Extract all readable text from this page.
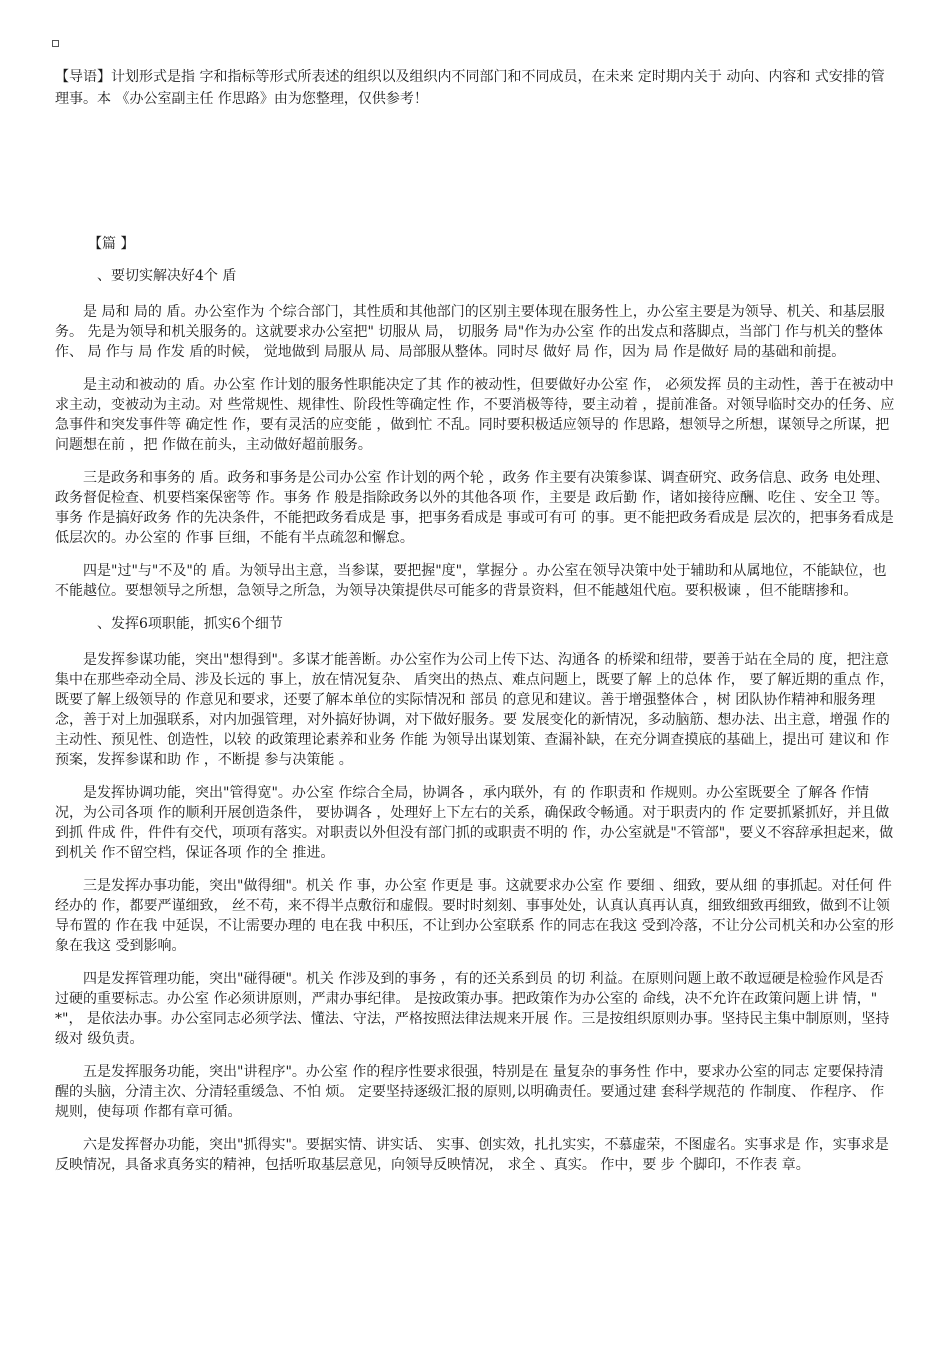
【导语】计划形式是指 字和指标等形式所表述的组织以及组织内不同部门和不同成员，在未来 定时期内关于 动向、内容和 式安排的管理事。本 《办公室副主任 作思路》由为您整理，仅供参考！
【篇 】

、要切实解决好4个 盾

是 局和 局的 盾。办公室作为 个综合部门，其性质和其他部门的区别主要体现在服务性上，办公室主要是为领导、机关、和基层服务。 先是为领导和机关服务的。这就要求办公室把" 切服从 局， 切服务 局"作为办公室 作的出发点和落脚点，当部门 作与机关的整体 作、 局 作与 局 作发 盾的时候， 觉地做到 局服从 局、局部服从整体。同时尽 做好 局 作，因为 局 作是做好 局的基础和前提。

是主动和被动的 盾。办公室 作计划的服务性职能决定了其 作的被动性，但要做好办公室 作， 必须发挥 员的主动性，善于在被动中求主动，变被动为主动。对 些常规性、规律性、阶段性等确定性 作，不要消极等待，要主动着 ，提前准备。对领导临时交办的任务、应急事件和突发事件等 确定性 作，要有灵活的应变能 ，做到忙 不乱。同时要积极适应领导的 作思路，想领导之所想，谋领导之所谋，把问题想在前 ，把 作做在前头，主动做好超前服务。

三是政务和事务的 盾。政务和事务是公司办公室 作计划的两个轮 ，政务 作主要有决策参谋、调查研究、政务信息、政务 电处理、政务督促检查、机要档案保密等 作。事务 作 般是指除政务以外的其他各项 作，主要是 政后勤 作，诸如接待应酬、吃住 、安全卫 等。事务 作是搞好政务 作的先决条件，不能把政务看成是 事，把事务看成是 事或可有可 的事。更不能把政务看成是 层次的，把事务看成是低层次的。办公室的 作事 巨细，不能有半点疏忽和懈怠。

四是"过"与"不及"的 盾。为领导出主意，当参谋，要把握"度"，掌握分 。办公室在领导决策中处于辅助和从属地位，不能缺位，也不能越位。要想领导之所想，急领导之所急，为领导决策提供尽可能多的背景资料，但不能越俎代庖。要积极谏 ，但不能瞎掺和。

、发挥6项职能，抓实6个细节

是发挥参谋功能，突出"想得到"。多谋才能善断。办公室作为公司上传下达、沟通各 的桥梁和纽带，要善于站在全局的 度，把注意 集中在那些牵动全局、涉及长远的 事上，放在情况复杂、 盾突出的热点、难点问题上，既要了解 上的总体 作， 要了解近期的重点 作，既要了解上级领导的 作意见和要求，还要了解本单位的实际情况和 部员 的意见和建议。善于增强整体合 ，树 团队协作精神和服务理念，善于对上加强联系，对内加强管理，对外搞好协调，对下做好服务。要 发展变化的新情况，多动脑筋、想办法、出主意，增强 作的主动性、预见性、创造性，以较 的政策理论素养和业务 作能 为领导出谋划策、查漏补缺，在充分调查摸底的基础上，提出可 建议和 作预案，发挥参谋和助 作 ，不断提 参与决策能 。

是发挥协调功能，突出"管得宽"。办公室 作综合全局，协调各 ，承内联外，有 的 作职责和 作规则。办公室既要全 了解各 作情况，为公司各项 作的顺利开展创造条件， 要协调各 ，处理好上下左右的关系，确保政令畅通。对于职责内的 作 定要抓紧抓好，并且做到抓 件成 件，件件有交代，项项有落实。对职责以外但没有部门抓的或职责不明的 作，办公室就是"不管部"，要义不容辞承担起来，做到机关 作不留空档，保证各项 作的全 推进。

三是发挥办事功能，突出"做得细"。机关 作 事，办公室 作更是 事。这就要求办公室 作 要细 、细致，要从细 的事抓起。对任何 件经办的 作，都要严谨细致， 丝不苟，来不得半点敷衍和虚假。要时时刻刻、事事处处，认真认真再认真，细致细致再细致，做到不让领导布置的 作在我 中延误，不让需要办理的 电在我 中积压，不让到办公室联系 作的同志在我这 受到冷落，不让分公司机关和办公室的形象在我这 受到影响。

四是发挥管理功能，突出"碰得硬"。机关 作涉及到的事务 ，有的还关系到员 的切 利益。在原则问题上敢不敢逗硬是检验作风是否过硬的重要标志。办公室 作必须讲原则，严肃办事纪律。 是按政策办事。把政策作为办公室的 命线，决不允许在政策问题上讲 情，" *"， 是依法办事。办公室同志必须学法、懂法、守法，严格按照法律法规来开展 作。三是按组织原则办事。坚持民主集中制原则，坚持 级对 级负责。

五是发挥服务功能，突出"讲程序"。办公室 作的程序性要求很强，特别是在 量复杂的事务性 作中，要求办公室的同志 定要保持清醒的头脑，分清主次、分清轻重缓急、不怕 烦。 定要坚持逐级汇报的原则,以明确责任。要通过建 套科学规范的 作制度、 作程序、 作规则，使每项 作都有章可循。

六是发挥督办功能，突出"抓得实"。要据实情、讲实话、 实事、创实效，扎扎实实，不慕虚荣，不图虚名。实事求是 作，实事求是反映情况，具备求真务实的精神，包括听取基层意见，向领导反映情况， 求全 、真实。 作中，要 步 个脚印，不作表 章。
